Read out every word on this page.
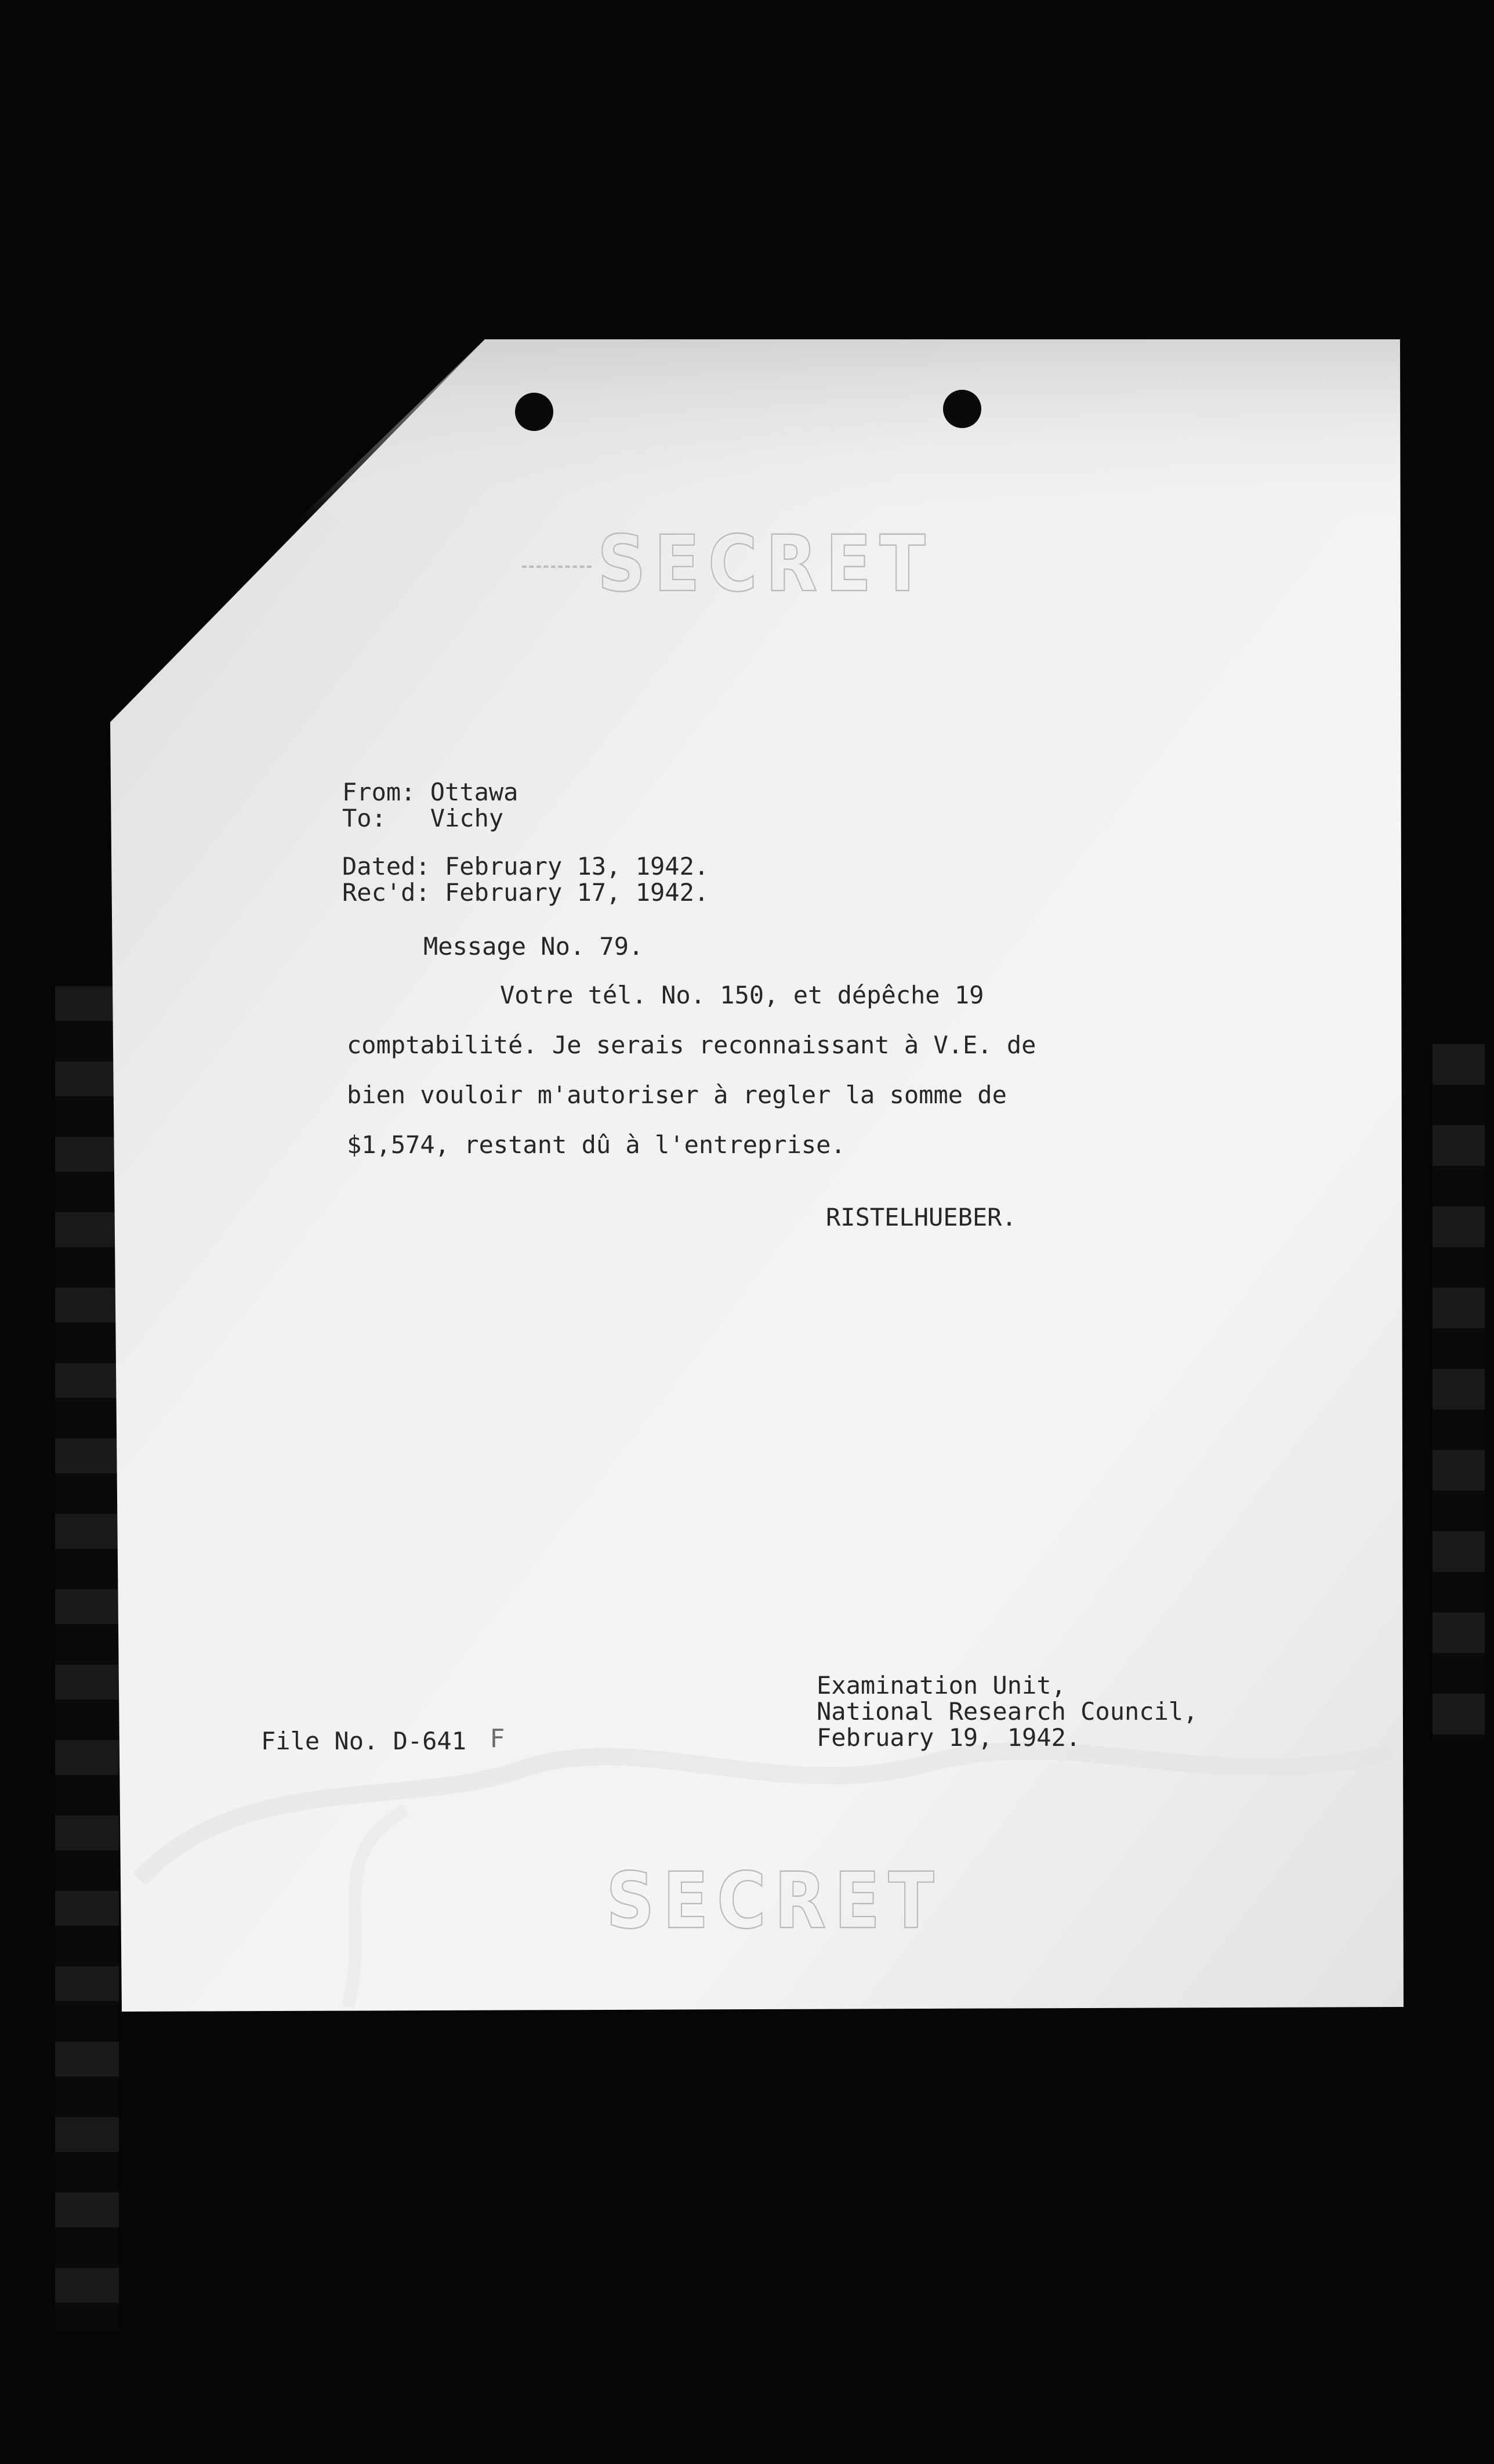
SECRET
From: Ottawa
To: Vichy
Dated: February 13, 1942.
Rec'd: February 17, 1942.
Message No. 79.
Votre tél. No. 150, et dépêche 19
comptabilité. Je serais reconnaissant à V.E. de
bien vouloir m'autoriser à regler la somme de
$1,574, restant dû à l'entreprise.
RISTELHUEBER.
Examination Unit,
National Research Council,
February 19, 1942.
File No. D-641 F
SECRET
